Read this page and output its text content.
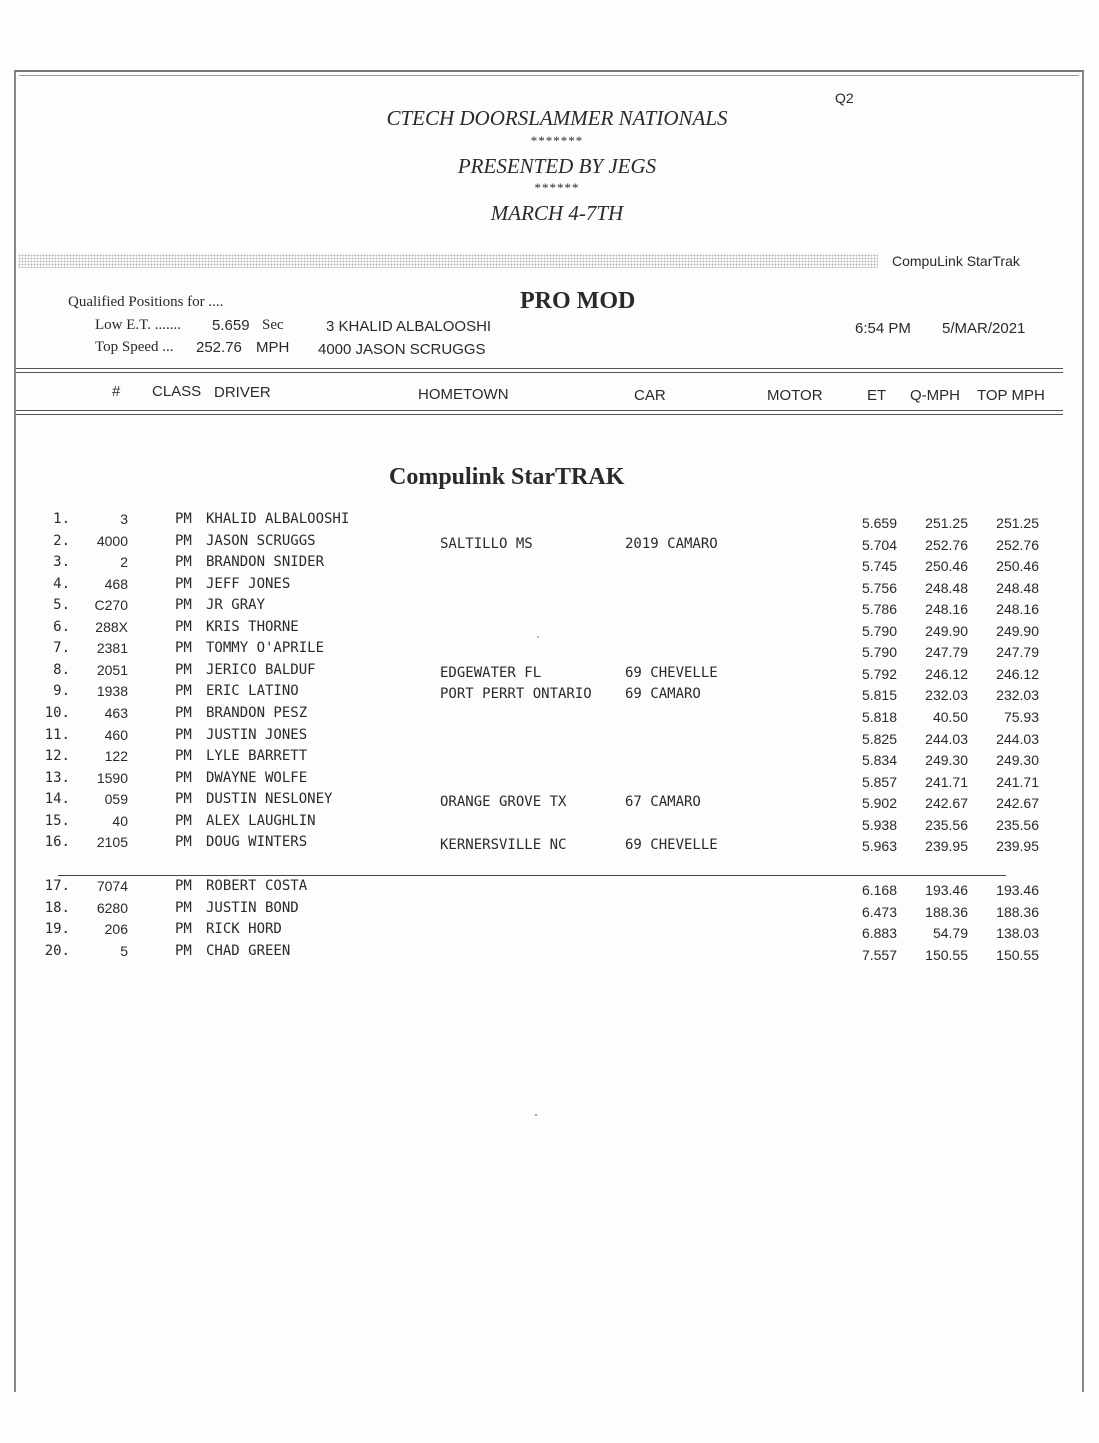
CTECH DOORSLAMMER NATIONALS
*******
PRESENTED BY JEGS
******
MARCH 4-7TH
Q2
CompuLink StarTrak
Qualified Positions for ....	PRO MOD
Low E.T. ....... 5.659 Sec	3 KHALID ALBALOOSHI
Top Speed ... 252.76 MPH 4000 JASON SCRUGGS
6:54 PM 5/MAR/2021
# CLASS DRIVER	HOMETOWN	CAR	MOTOR	ET Q-MPH TOP MPH
Compulink StarTRAK
1.	3	PM KHALID ALBALOOSHI	5.659	251.25	251.25
2.	4000	PM JASON SCRUGGS	SALTILLO MS	2019 CAMARO	5.704	252.76	252.76
3.	2	PM BRANDON SNIDER	5.745	250.46	250.46
4.	468	PM JEFF JONES	5.756	248.48	248.48
5.	C270	PM JR GRAY	5.786	248.16	248.16
6.	288X	PM KRIS THORNE	5.790	249.90	249.90
7.	2381	PM TOMMY O'APRILE	5.790	247.79	247.79
8.	2051	PM JERICO BALDUF	EDGEWATER FL	69 CHEVELLE	5.792	246.12	246.12
9.	1938	PM ERIC LATINO	PORT PERRT ONTARIO	69 CAMARO	5.815	232.03	232.03
10.	463	PM BRANDON PESZ	5.818	40.50	75.93
11.	460	PM JUSTIN JONES	5.825	244.03	244.03
12.	122	PM LYLE BARRETT	5.834	249.30	249.30
13.	1590	PM DWAYNE WOLFE	5.857	241.71	241.71
14.	059	PM DUSTIN NESLONEY	ORANGE GROVE TX	67 CAMARO	5.902	242.67	242.67
15.	40	PM ALEX LAUGHLIN	5.938	235.56	235.56
16.	2105	PM DOUG WINTERS	KERNERSVILLE NC	69 CHEVELLE	5.963	239.95	239.95
17.	7074	PM ROBERT COSTA	6.168	193.46	193.46
18.	6280	PM JUSTIN BOND	6.473	188.36	188.36
19.	206	PM RICK HORD	6.883	54.79	138.03
20.	5	PM CHAD GREEN	7.557	150.55	150.55
